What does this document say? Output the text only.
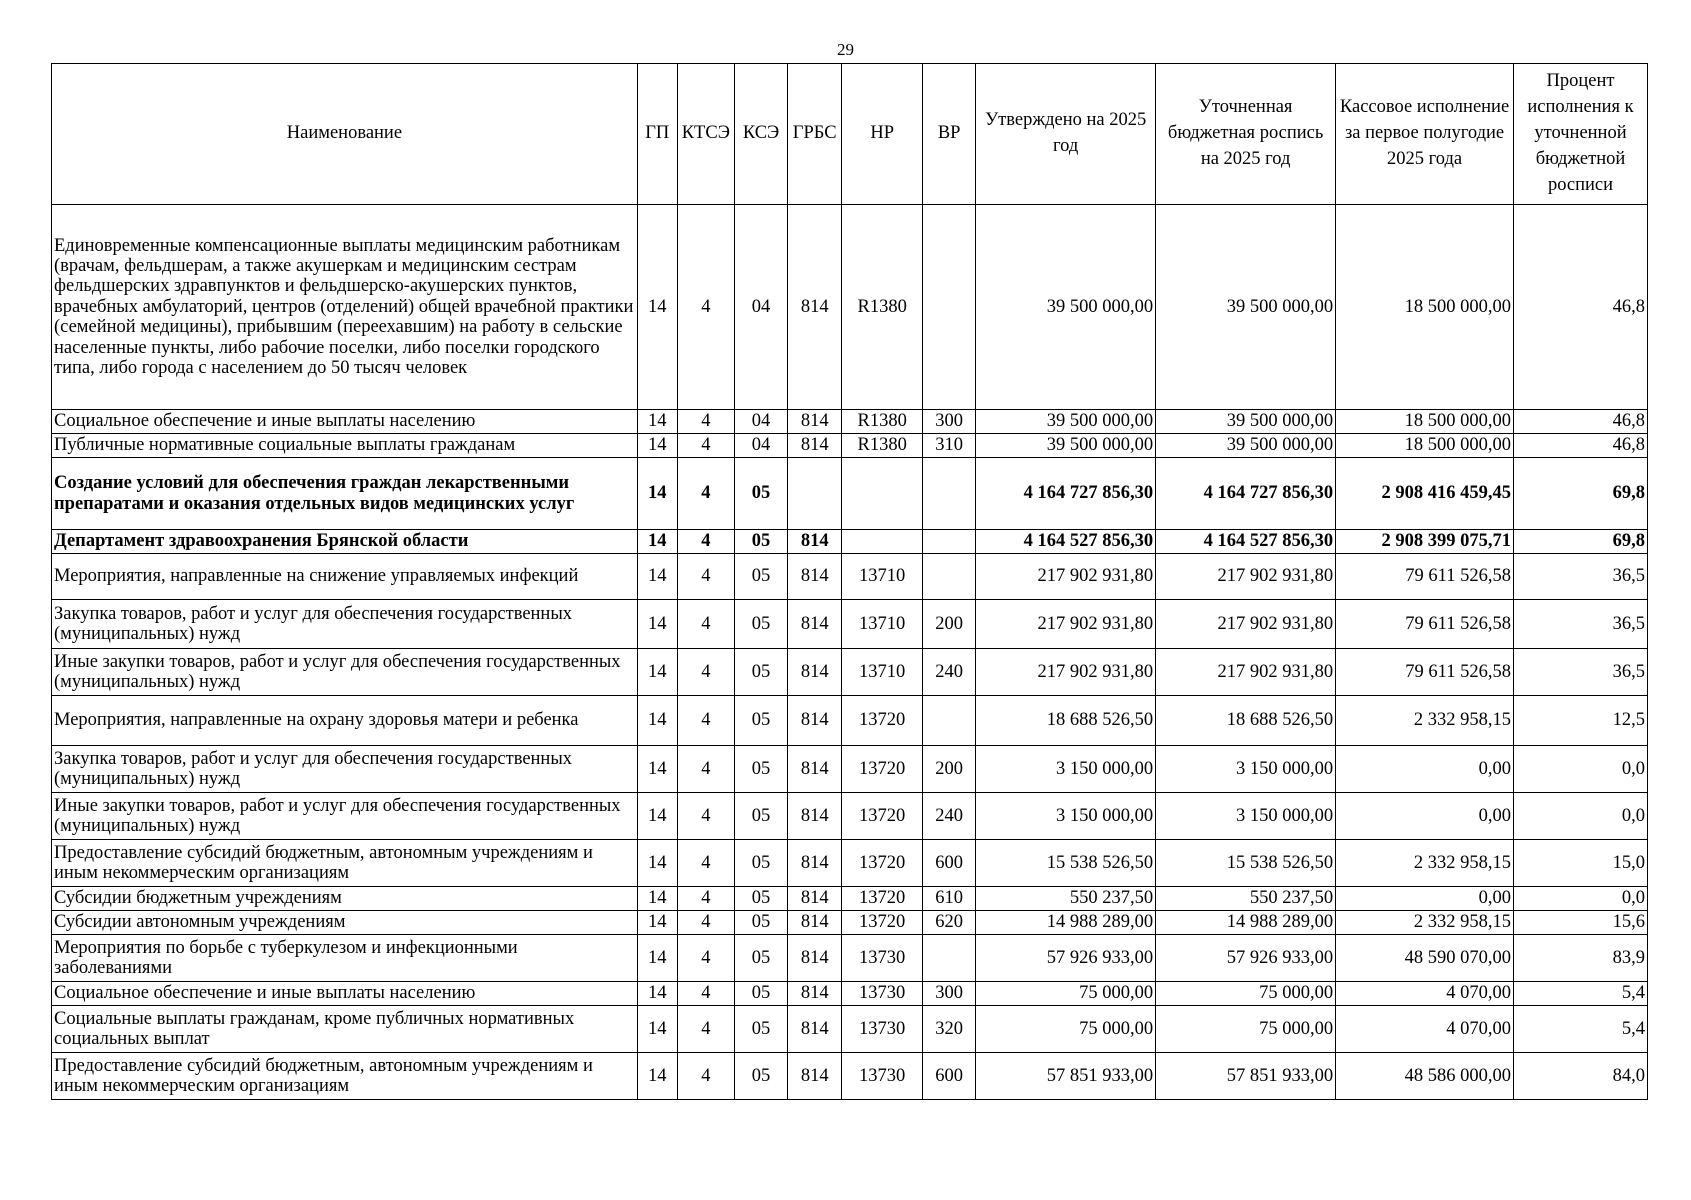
29
Наименование	ГП	КТСЭ	КСЭ	ГРБС	НР	ВР	Утверждено на 2025 год	Уточненная бюджетная роспись на 2025 год	Кассовое исполнение за первое полугодие 2025 года	Процент исполнения к уточненной бюджетной росписи
Единовременные компенсационные выплаты медицинским работникам (врачам, фельдшерам, а также акушеркам и медицинским сестрам фельдшерских здравпунктов и фельдшерско-акушерских пунктов, врачебных амбулаторий, центров (отделений) общей врачебной практики (семейной медицины), прибывшим (переехавшим) на работу в сельские населенные пункты, либо рабочие поселки, либо поселки городского типа, либо города с населением до 50 тысяч человек	14	4	04	814	R1380		39 500 000,00	39 500 000,00	18 500 000,00	46,8
Социальное обеспечение и иные выплаты населению	14	4	04	814	R1380	300	39 500 000,00	39 500 000,00	18 500 000,00	46,8
Публичные нормативные социальные выплаты гражданам	14	4	04	814	R1380	310	39 500 000,00	39 500 000,00	18 500 000,00	46,8
Создание условий для обеспечения граждан лекарственными препаратами и оказания отдельных видов медицинских услуг	14	4	05				4 164 727 856,30	4 164 727 856,30	2 908 416 459,45	69,8
Департамент здравоохранения Брянской области	14	4	05	814			4 164 527 856,30	4 164 527 856,30	2 908 399 075,71	69,8
Мероприятия, направленные на снижение управляемых инфекций	14	4	05	814	13710		217 902 931,80	217 902 931,80	79 611 526,58	36,5
Закупка товаров, работ и услуг для обеспечения государственных (муниципальных) нужд	14	4	05	814	13710	200	217 902 931,80	217 902 931,80	79 611 526,58	36,5
Иные закупки товаров, работ и услуг для обеспечения государственных (муниципальных) нужд	14	4	05	814	13710	240	217 902 931,80	217 902 931,80	79 611 526,58	36,5
Мероприятия, направленные на охрану здоровья матери и ребенка	14	4	05	814	13720		18 688 526,50	18 688 526,50	2 332 958,15	12,5
Закупка товаров, работ и услуг для обеспечения государственных (муниципальных) нужд	14	4	05	814	13720	200	3 150 000,00	3 150 000,00	0,00	0,0
Иные закупки товаров, работ и услуг для обеспечения государственных (муниципальных) нужд	14	4	05	814	13720	240	3 150 000,00	3 150 000,00	0,00	0,0
Предоставление субсидий бюджетным, автономным учреждениям и иным некоммерческим организациям	14	4	05	814	13720	600	15 538 526,50	15 538 526,50	2 332 958,15	15,0
Субсидии бюджетным учреждениям	14	4	05	814	13720	610	550 237,50	550 237,50	0,00	0,0
Субсидии автономным учреждениям	14	4	05	814	13720	620	14 988 289,00	14 988 289,00	2 332 958,15	15,6
Мероприятия по борьбе с туберкулезом и инфекционными заболеваниями	14	4	05	814	13730		57 926 933,00	57 926 933,00	48 590 070,00	83,9
Социальное обеспечение и иные выплаты населению	14	4	05	814	13730	300	75 000,00	75 000,00	4 070,00	5,4
Социальные выплаты гражданам, кроме публичных нормативных социальных выплат	14	4	05	814	13730	320	75 000,00	75 000,00	4 070,00	5,4
Предоставление субсидий бюджетным, автономным учреждениям и иным некоммерческим организациям	14	4	05	814	13730	600	57 851 933,00	57 851 933,00	48 586 000,00	84,0
